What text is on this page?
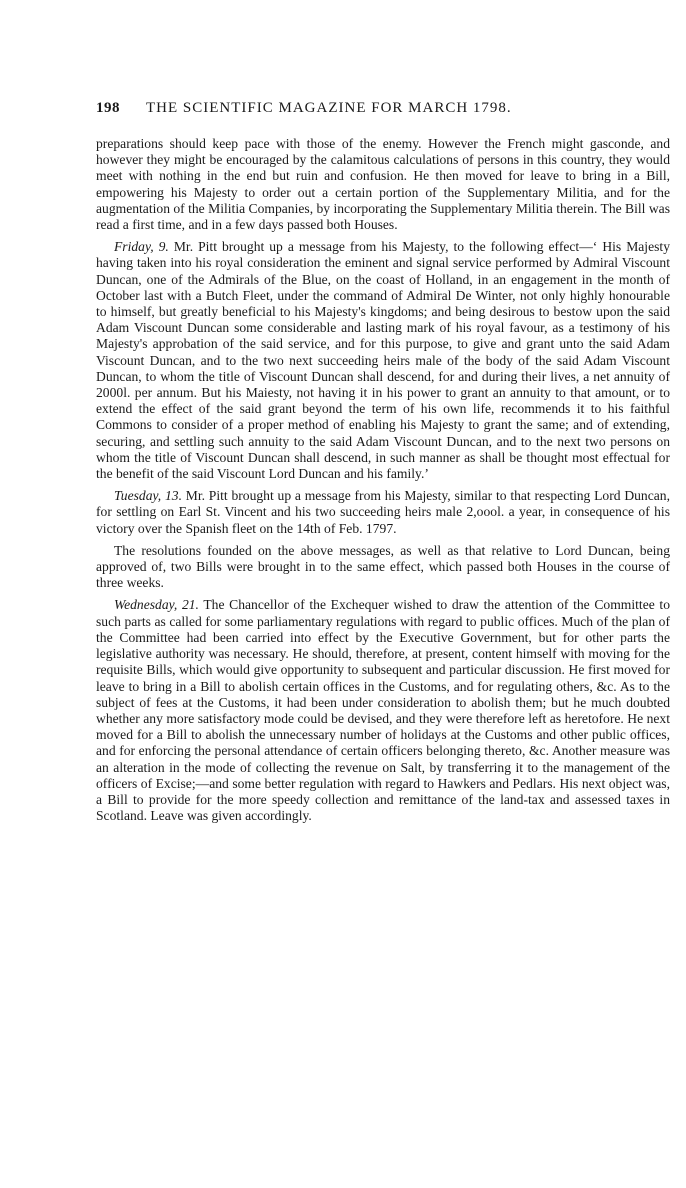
198	THE SCIENTIFIC MAGAZINE FOR MARCH 1798.

preparations should keep pace with those of the enemy. However the French might gasconde, and however they might be encouraged by the calamitous calculations of persons in this country, they would meet with nothing in the end but ruin and confusion. He then moved for leave to bring in a Bill, empowering his Majesty to order out a certain portion of the Supplementary Militia, and for the augmentation of the Militia Companies, by incorporating the Supplementary Militia therein. The Bill was read a first time, and in a few days passed both Houses.

Friday, 9. Mr. Pitt brought up a message from his Majesty, to the following effect—‘ His Majesty having taken into his royal consideration the eminent and signal service performed by Admiral Viscount Duncan, one of the Admirals of the Blue, on the coast of Holland, in an engagement in the month of October last with a Butch Fleet, under the command of Admiral De Winter, not only highly honourable to himself, but greatly beneficial to his Majesty's kingdoms; and being desirous to bestow upon the said Adam Viscount Duncan some considerable and lasting mark of his royal favour, as a testimony of his Majesty's approbation of the said service, and for this purpose, to give and grant unto the said Adam Viscount Duncan, and to the two next succeeding heirs male of the body of the said Adam Viscount Duncan, to whom the title of Viscount Duncan shall descend, for and during their lives, a net annuity of 2000l. per annum. But his Maiesty, not having it in his power to grant an annuity to that amount, or to extend the effect of the said grant beyond the term of his own life, recommends it to his faithful Commons to consider of a proper method of enabling his Majesty to grant the same; and of extending, securing, and settling such annuity to the said Adam Viscount Duncan, and to the next two persons on whom the title of Viscount Duncan shall descend, in such manner as shall be thought most effectual for the benefit of the said Viscount Lord Duncan and his family.’

Tuesday, 13. Mr. Pitt brought up a message from his Majesty, similar to that respecting Lord Duncan, for settling on Earl St. Vincent and his two succeeding heirs male 2,oool. a year, in consequence of his victory over the Spanish fleet on the 14th of Feb. 1797.

The resolutions founded on the above messages, as well as that relative to Lord Duncan, being approved of, two Bills were brought in to the same effect, which passed both Houses in the course of three weeks.

Wednesday, 21. The Chancellor of the Exchequer wished to draw the attention of the Committee to such parts as called for some parliamentary regulations with regard to public offices. Much of the plan of the Committee had been carried into effect by the Executive Government, but for other parts the legislative authority was necessary. He should, therefore, at present, content himself with moving for the requisite Bills, which would give opportunity to subsequent and particular discussion. He first moved for leave to bring in a Bill to abolish certain offices in the Customs, and for regulating others, &c. As to the subject of fees at the Customs, it had been under consideration to abolish them; but he much doubted whether any more satisfactory mode could be devised, and they were therefore left as heretofore. He next moved for a Bill to abolish the unnecessary number of holidays at the Customs and other public offices, and for enforcing the personal attendance of certain officers belonging thereto, &c. Another measure was an alteration in the mode of collecting the revenue on Salt, by transferring it to the management of the officers of Excise;—and some better regulation with regard to Hawkers and Pedlars. His next object was, a Bill to provide for the more speedy collection and remittance of the land-tax and assessed taxes in Scotland. Leave was given accordingly.
